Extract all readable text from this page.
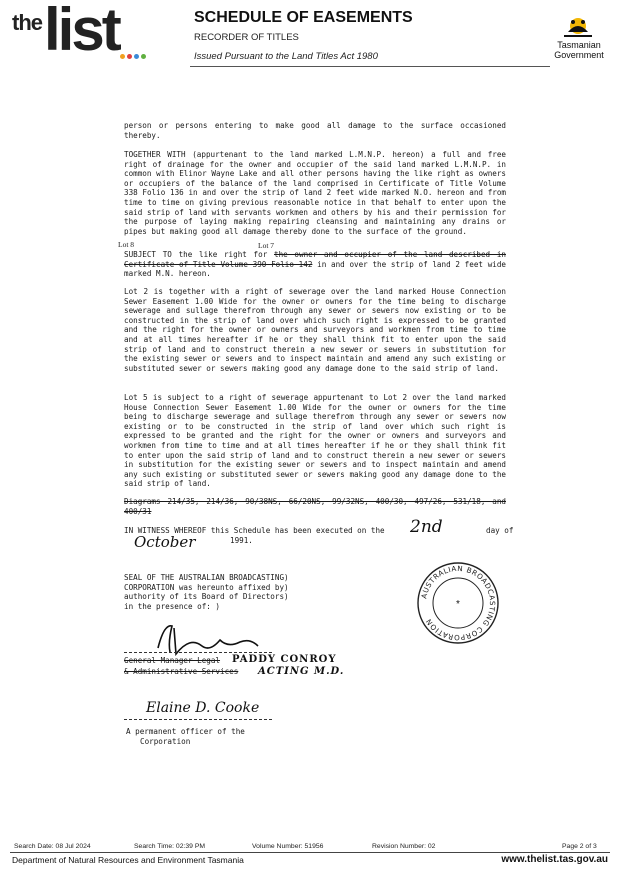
the list	SCHEDULE OF EASEMENTS
RECORDER OF TITLES
Issued Pursuant to the Land Titles Act 1980
Tasmanian Government
person or persons entering to make good all damage to the surface occasioned thereby.
TOGETHER WITH (appurtenant to the land marked L.M.N.P. hereon) a full and free right of drainage for the owner and occupier of the said land marked L.M.N.P. in common with Elinor Wayne Lake and all other persons having the like right as owners or occupiers of the balance of the land comprised in Certificate of Title Volume 338 Folio 136 in and over the strip of land 2 feet wide marked N.O. hereon and from time to time on giving previous reasonable notice in that behalf to enter upon the said strip of land with servants workmen and others by his and their permission for the purpose of laying making repairing cleansing and maintaining any drains or pipes but making good all damage thereby done to the surface of the ground.
Lot 8	Lot 7
SUBJECT TO the like right for the owner and occupier of the land described in Certificate of Title Volume 390 Folio 142 in and over the strip of land 2 feet wide marked M.N. hereon.
Lot 2 is together with a right of sewerage over the land marked House Connection Sewer Easement 1.00 Wide for the owner or owners for the time being to discharge sewerage and sullage therefrom through any sewer or sewers now existing or to be constructed in the strip of land over which such right is expressed to be granted and the right for the owner or owners and surveyors and workmen from time to time and at all times hereafter if he or they shall think fit to enter upon the said strip of land and to construct therein a new sewer or sewers in substitution for the existing sewer or sewers and to inspect maintain and amend any such existing or substituted sewer or sewers making good any damage done to the said strip of land.
Lot 5 is subject to a right of sewerage appurtenant to Lot 2 over the land marked House Connection Sewer Easement 1.00 Wide for the owner or owners for the time being to discharge sewerage and sullage therefrom through any sewer or sewers now existing or to be constructed in the strip of land over which such right is expressed to be granted and the right for the owner or owners and surveyors and workmen from time to time and at all times hereafter if he or they shall think fit to enter upon the said strip of land and to construct therein a new sewer or sewers in substitution for the existing sewer or sewers and to inspect maintain and amend any such existing or substituted sewer or sewers making good any damage done to the said strip of land.
Diagrams 214/35, 214/36, 90/38NS, 66/20NS, 99/32NS, 400/30, 497/26, 531/18, and 400/31
IN WITNESS WHEREOF this Schedule has been executed on the 2nd	day of
October	1991.
SEAL OF THE AUSTRALIAN BROADCASTING) CORPORATION was hereunto affixed by) authority of its Board of Directors) in the presence of: )
AUSTRALIAN BROADCASTING CORPORATION
*
General Manager Legal
& Administrative Services
PADDY CONROY
ACTING M.D.
Elaine D. Cooke
A permanent officer of the
Corporation
Search Date: 08 Jul 2024	Search Time: 02:39 PM	Volume Number: 51956	Revision Number: 02	Page 2 of 3
Department of Natural Resources and Environment Tasmania	www.thelist.tas.gov.au
